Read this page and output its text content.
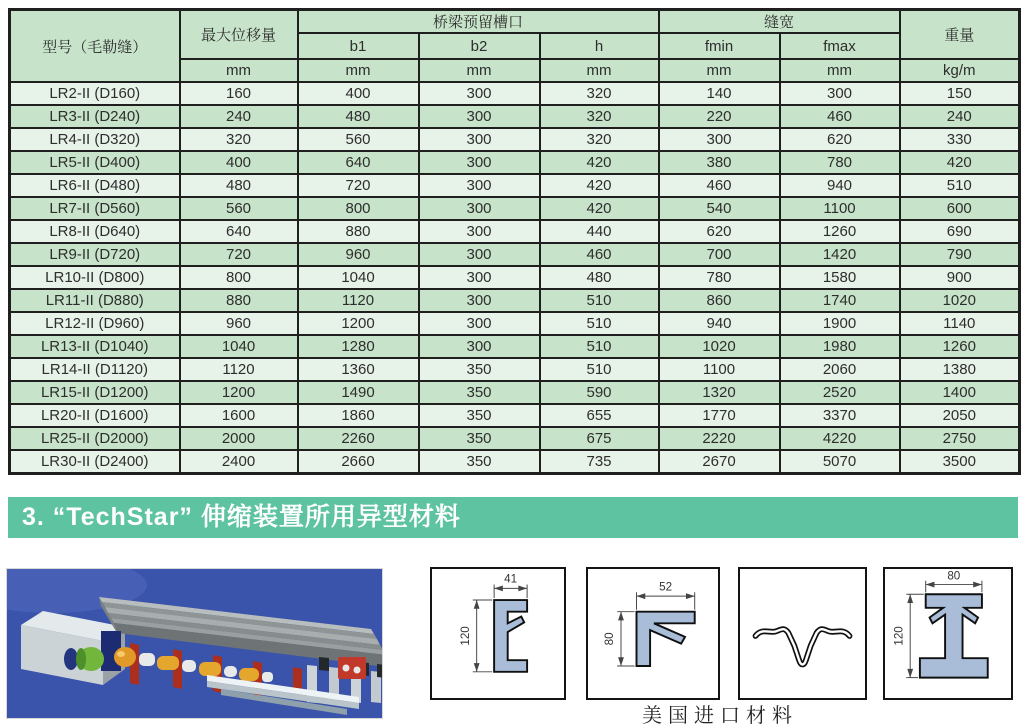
型号（毛勒缝）	最大位移量	桥梁预留槽口			缝宽		重量
		b1	b2	h	fmin	fmax	
	mm	mm	mm	mm	mm	mm	kg/m
LR2-II (D160)	160	400	300	320	140	300	150
LR3-II (D240)	240	480	300	320	220	460	240
LR4-II (D320)	320	560	300	320	300	620	330
LR5-II (D400)	400	640	300	420	380	780	420
LR6-II (D480)	480	720	300	420	460	940	510
LR7-II (D560)	560	800	300	420	540	1100	600
LR8-II (D640)	640	880	300	440	620	1260	690
LR9-II (D720)	720	960	300	460	700	1420	790
LR10-II (D800)	800	1040	300	480	780	1580	900
LR11-II (D880)	880	1120	300	510	860	1740	1020
LR12-II (D960)	960	1200	300	510	940	1900	1140
LR13-II (D1040)	1040	1280	300	510	1020	1980	1260
LR14-II (D1120)	1120	1360	350	510	1100	2060	1380
LR15-II (D1200)	1200	1490	350	590	1320	2520	1400
LR20-II (D1600)	1600	1860	350	655	1770	3370	2050
LR25-II (D2000)	2000	2260	350	675	2220	4220	2750
LR30-II (D2400)	2400	2660	350	735	2670	5070	3500
3. “TechStar” 伸缩装置所用异型材料
41
120
52
80
80
120
美国进口材料
